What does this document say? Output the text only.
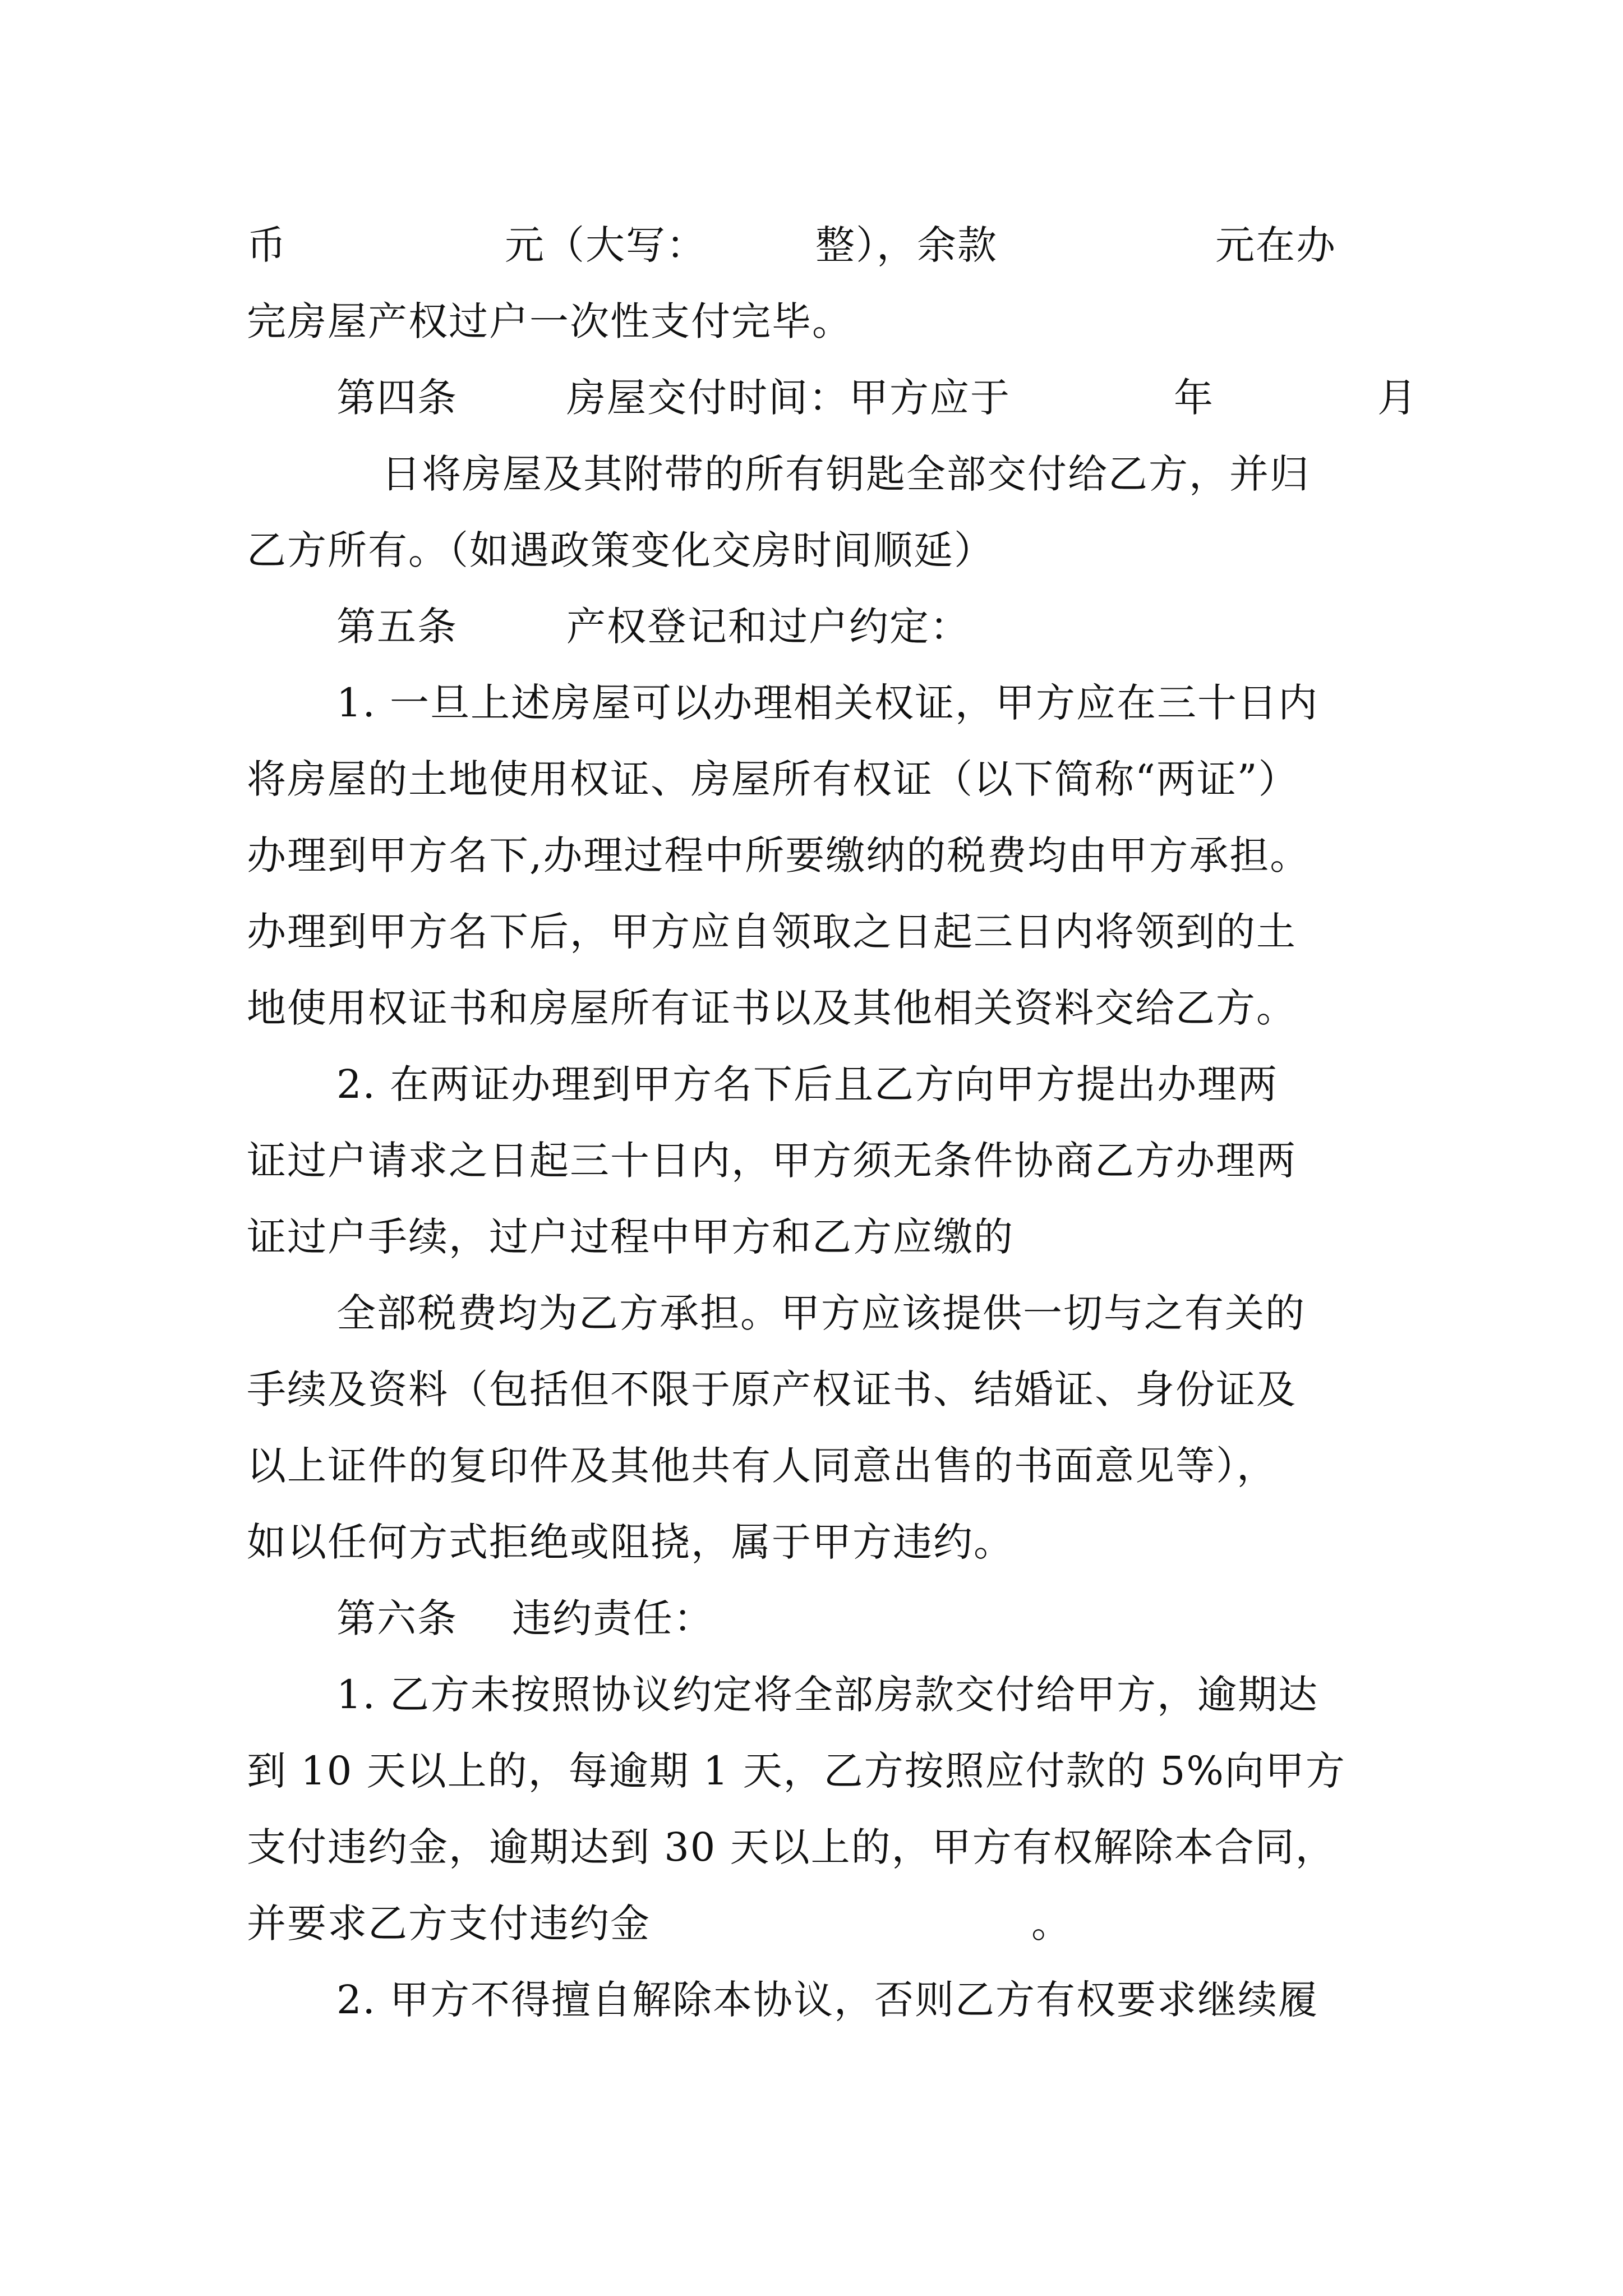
币                元（大写：        整），余款                元在办
完房屋产权过户一次性支付完毕。
第四条        房屋交付时间：甲方应于            年            月
日将房屋及其附带的所有钥匙全部交付给乙方，并归
乙方所有。（如遇政策变化交房时间顺延）
第五条        产权登记和过户约定：
1. 一旦上述房屋可以办理相关权证，甲方应在三十日内
将房屋的土地使用权证、房屋所有权证（以下简称“两证”）
办理到甲方名下,办理过程中所要缴纳的税费均由甲方承担。
办理到甲方名下后，甲方应自领取之日起三日内将领到的土
地使用权证书和房屋所有证书以及其他相关资料交给乙方。
2. 在两证办理到甲方名下后且乙方向甲方提出办理两
证过户请求之日起三十日内，甲方须无条件协商乙方办理两
证过户手续，过户过程中甲方和乙方应缴的
全部税费均为乙方承担。甲方应该提供一切与之有关的
手续及资料（包括但不限于原产权证书、结婚证、身份证及
以上证件的复印件及其他共有人同意出售的书面意见等），
如以任何方式拒绝或阻挠，属于甲方违约。
第六条    违约责任：
1. 乙方未按照协议约定将全部房款交付给甲方，逾期达
到 10 天以上的，每逾期 1 天，乙方按照应付款的 5%向甲方
支付违约金，逾期达到 30 天以上的，甲方有权解除本合同，
并要求乙方支付违约金                            。
2. 甲方不得擅自解除本协议，否则乙方有权要求继续履
